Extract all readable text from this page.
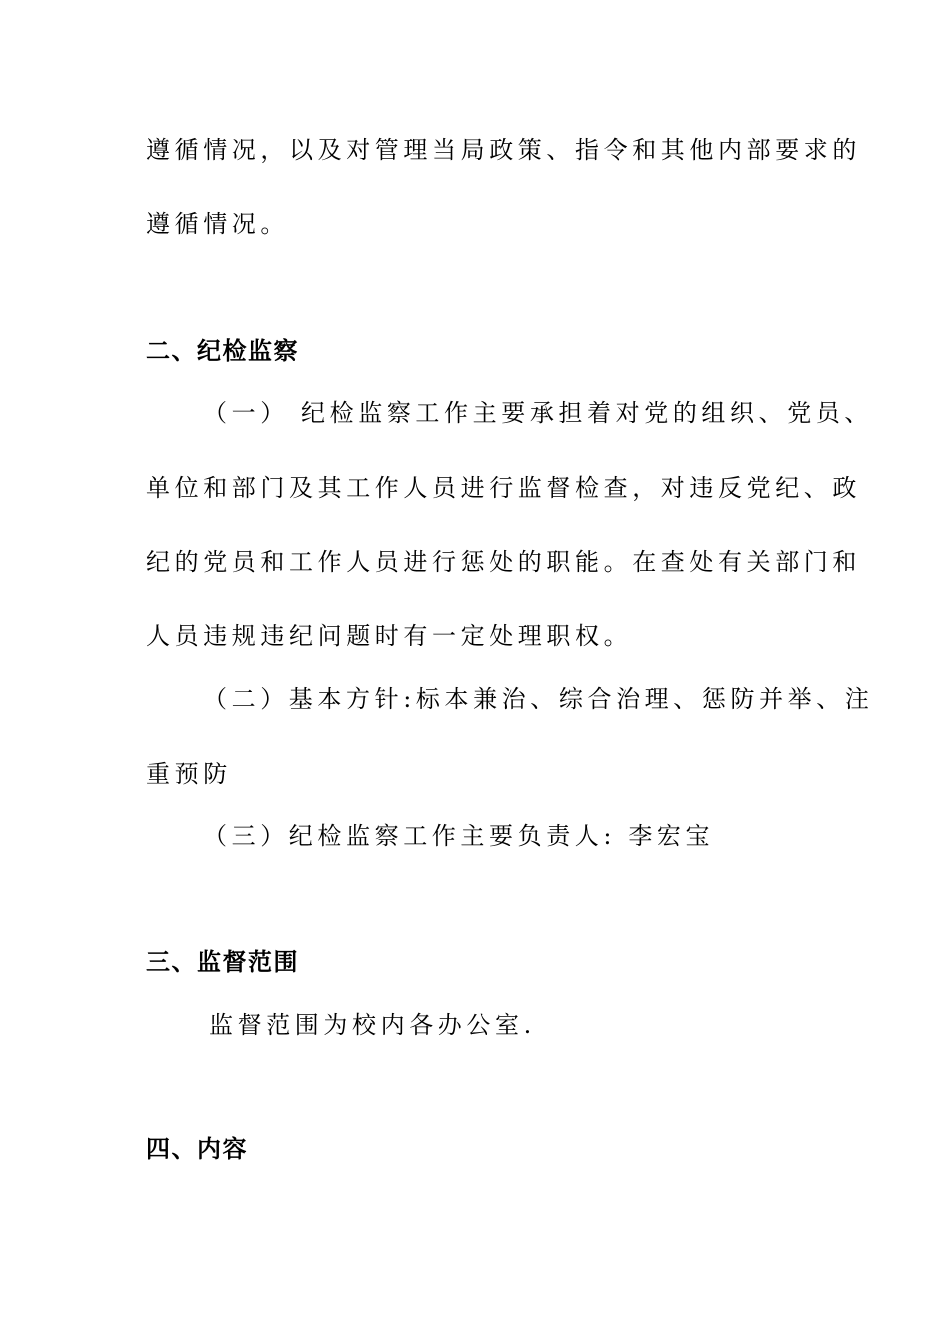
遵循情况，以及对管理当局政策、指令和其他内部要求的
遵循情况。
二、纪检监察
（一） 纪检监察工作主要承担着对党的组织、党员、
单位和部门及其工作人员进行监督检查，对违反党纪、政
纪的党员和工作人员进行惩处的职能。在查处有关部门和
人员违规违纪问题时有一定处理职权。
（二）基本方针:标本兼治、综合治理、惩防并举、注
重预防
（三）纪检监察工作主要负责人: 李宏宝
三、监督范围
监督范围为校内各办公室.
四、内容
